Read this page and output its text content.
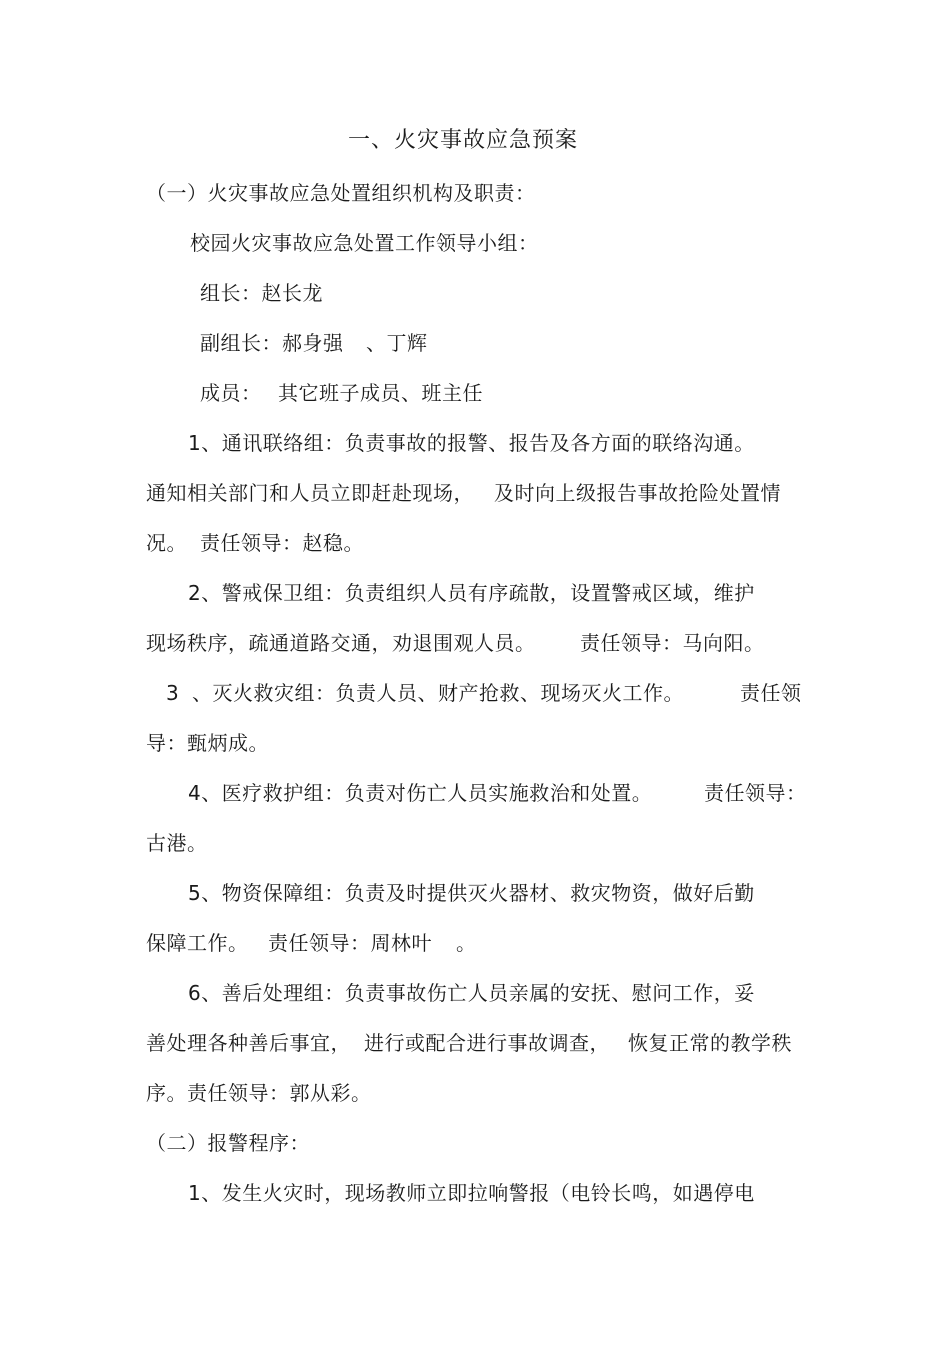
一、火灾事故应急预案
（一）火灾事故应急处置组织机构及职责：
校园火灾事故应急处置工作领导小组：
组长：赵长龙
副组长：郝身强 、丁辉
成员： 其它班子成员、班主任
1、通讯联络组：负责事故的报警、报告及各方面的联络沟通。
通知相关部门和人员立即赶赴现场， 及时向上级报告事故抢险处置情
况。 责任领导：赵稳。
2、警戒保卫组：负责组织人员有序疏散，设置警戒区域，维护
现场秩序，疏通道路交通，劝退围观人员。 责任领导：马向阳。
3 、灭火救灾组：负责人员、财产抢救、现场灭火工作。	责任领
导：甄炳成。
4、医疗救护组：负责对伤亡人员实施救治和处置。	责任领导：
古港。
5、物资保障组：负责及时提供灭火器材、救灾物资，做好后勤
保障工作。 责任领导：周林叶 。
6、善后处理组：负责事故伤亡人员亲属的安抚、慰问工作，妥
善处理各种善后事宜， 进行或配合进行事故调查， 恢复正常的教学秩
序。责任领导：郭从彩。
（二）报警程序：
1、发生火灾时，现场教师立即拉响警报（电铃长鸣，如遇停电
